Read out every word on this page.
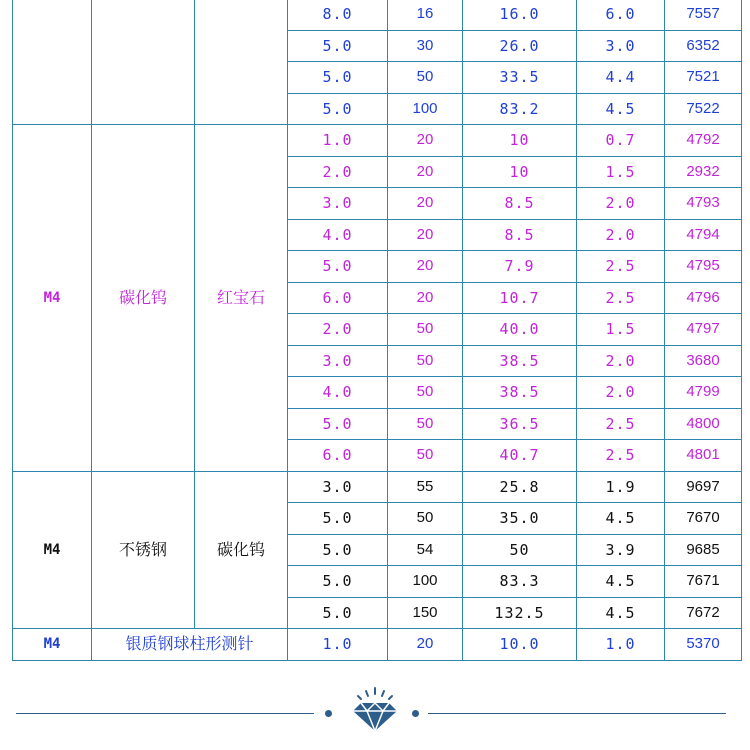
			8.0	16	16.0	6.0	7557
			5.0	30	26.0	3.0	6352
			5.0	50	33.5	4.4	7521
			5.0	100	83.2	4.5	7522
M4	碳化钨	红宝石	1.0	20	10	0.7	4792
			2.0	20	10	1.5	2932
			3.0	20	8.5	2.0	4793
			4.0	20	8.5	2.0	4794
			5.0	20	7.9	2.5	4795
			6.0	20	10.7	2.5	4796
			2.0	50	40.0	1.5	4797
			3.0	50	38.5	2.0	3680
			4.0	50	38.5	2.0	4799
			5.0	50	36.5	2.5	4800
			6.0	50	40.7	2.5	4801
M4	不锈钢	碳化钨	3.0	55	25.8	1.9	9697
			5.0	50	35.0	4.5	7670
			5.0	54	50	3.9	9685
			5.0	100	83.3	4.5	7671
			5.0	150	132.5	4.5	7672
M4	银质钢球柱形测针		1.0	20	10.0	1.0	5370
